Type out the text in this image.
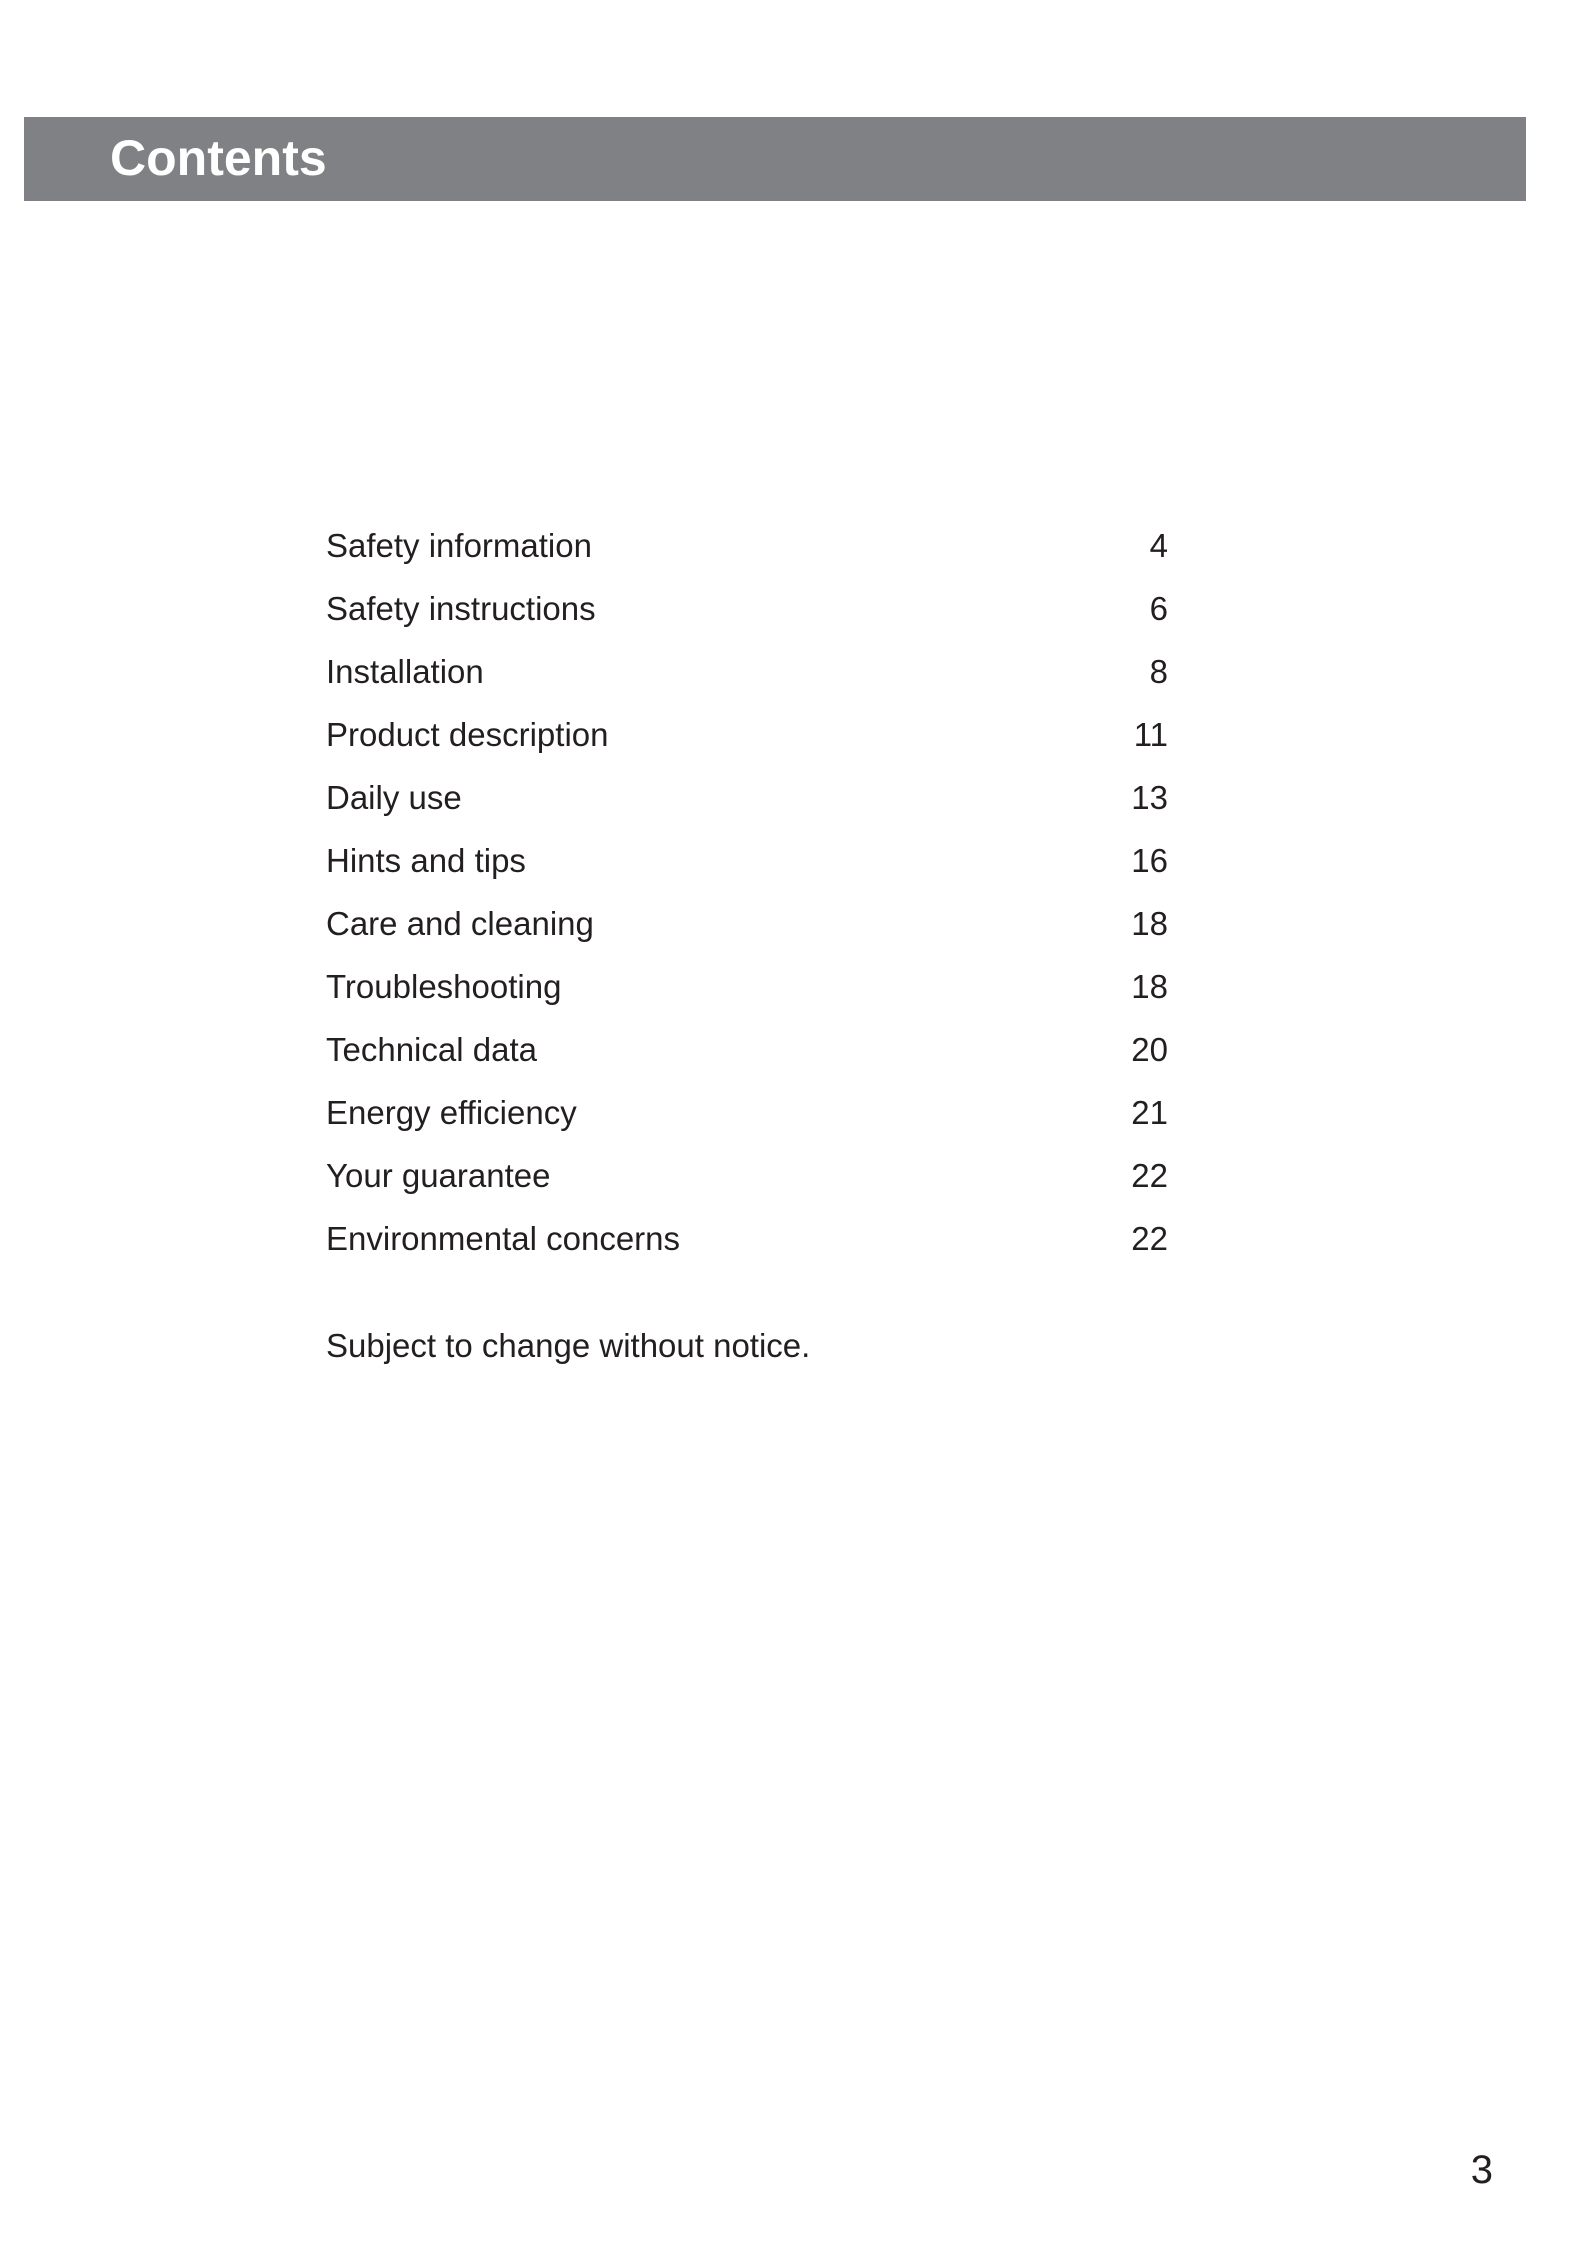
Contents
Safety information	4
Safety instructions	6
Installation	8
Product description	11
Daily use	13
Hints and tips	16
Care and cleaning	18
Troubleshooting	18
Technical data	20
Energy efficiency	21
Your guarantee	22
Environmental concerns	22
Subject to change without notice.
3
